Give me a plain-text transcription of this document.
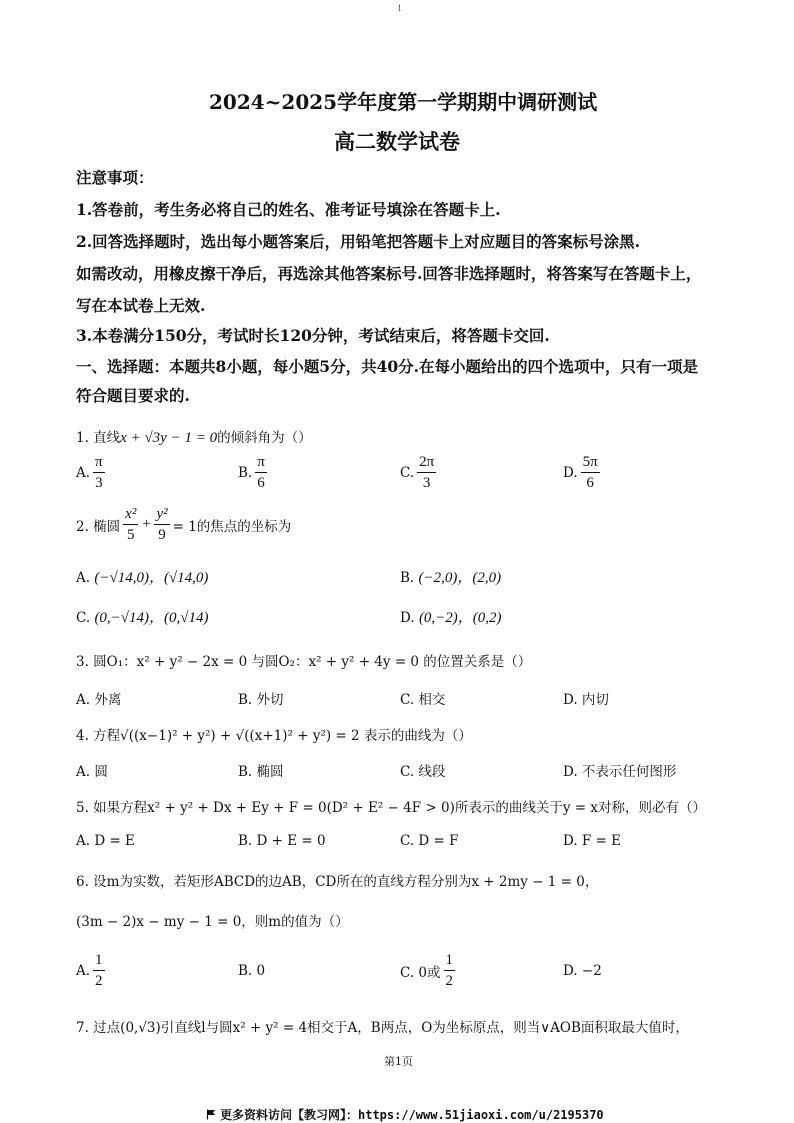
1
2024~2025学年度第一学期期中调研测试
高二数学试卷
注意事项：
1.答卷前，考生务必将自己的姓名、准考证号填涂在答题卡上.
2.回答选择题时，选出每小题答案后，用铅笔把答题卡上对应题目的答案标号涂黑.
如需改动，用橡皮擦干净后，再选涂其他答案标号.回答非选择题时，将答案写在答题卡上，
写在本试卷上无效.
3.本卷满分150分，考试时长120分钟，考试结束后，将答题卡交回.
一、选择题：本题共8小题，每小题5分，共40分.在每小题给出的四个选项中，只有一项是
符合题目要求的.
1. 直线x + √3y − 1 = 0的倾斜角为（）
A. $\frac{\pi}{3}$	B. $\frac{\pi}{6}$	C. $\frac{2\pi}{3}$	D. $\frac{5\pi}{6}$
2. 椭圆 $\frac{\text{x²}}{5} + \frac{\text{y²}}{9} = 1$的焦点的坐标为
A. (−√14,0)，(√14,0)	B. (−2,0)，(2,0)
C. (0,−√14)，(0,√14)	D. (0,−2)，(0,2)
3. 圆O₁：x² + y² − 2x = 0 与圆O₂：x² + y² + 4y = 0 的位置关系是（）
A. 外离	B. 外切	C. 相交	D. 内切
4. 方程√((x−1)² + y²) + √((x+1)² + y²) = 2 表示的曲线为（）
A. 圆	B. 椭圆	C. 线段	D. 不表示任何图形
5. 如果方程x² + y² + Dx + Ey + F = 0(D² + E² − 4F > 0)所表示的曲线关于y = x对称，则必有（）
A. D = E	B. D + E = 0	C. D = F	D. F = E
6. 设m为实数，若矩形ABCD的边AB，CD所在的直线方程分别为x + 2my − 1 = 0，
(3m − 2)x − my − 1 = 0，则m的值为（）
A. $\frac{1}{2}$	B. 0	C. 0或 $\frac{1}{2}$	D. −2
7. 过点(0,√3)引直线l与圆x² + y² = 4相交于A，B两点，O为坐标原点，则当∨AOB面积取最大值时，
第1页
更多资料访问【教习网】：https://www.51jiaoxi.com/u/2195370
